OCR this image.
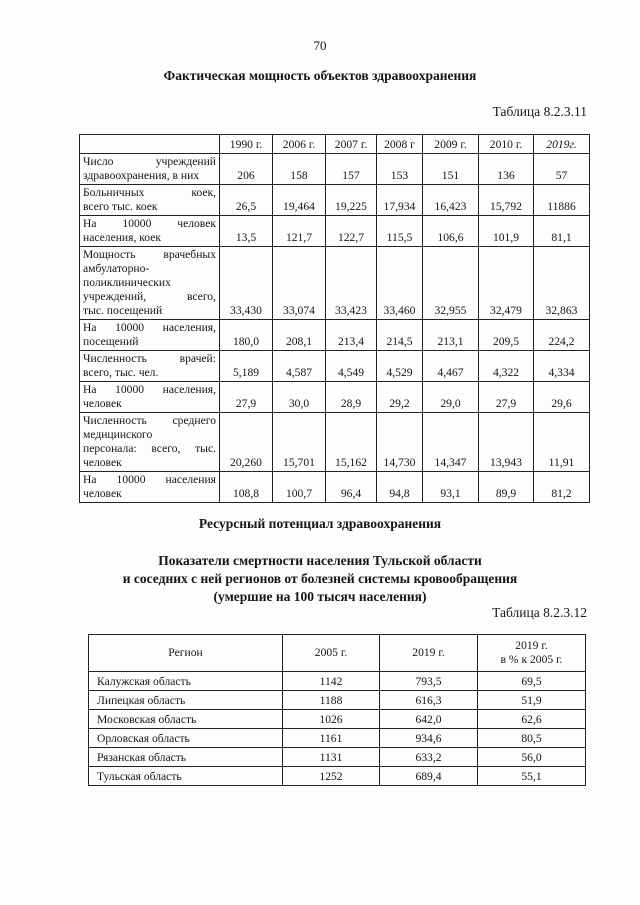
70
Фактическая мощность объектов здравоохранения
Таблица 8.2.3.11
	1990 г.	2006 г.	2007 г.	2008 г	2009 г.	2010 г.	2019г.

Число учреждений
здравоохранения, в них	206	158	157	153	151	136	57

Больничных коек,
всего тыс. коек	26,5	19,464	19,225	17,934	16,423	15,792	11886

На 10000 человек
населения, коек	13,5	121,7	122,7	115,5	106,6	101,9	81,1

Мощность врачебных
амбулаторно-
поликлинических
учреждений, всего,
тыс. посещений	33,430	33,074	33,423	33,460	32,955	32,479	32,863

На 10000 населения,
посещений	180,0	208,1	213,4	214,5	213,1	209,5	224,2

Численность врачей:
всего, тыс. чел.	5,189	4,587	4,549	4,529	4,467	4,322	4,334

На 10000 населения,
человек	27,9	30,0	28,9	29,2	29,0	27,9	29,6

Численность среднего
медицинского
персонала: всего, тыс.
человек	20,260	15,701	15,162	14,730	14,347	13,943	11,91

На 10000 населения
человек	108,8	100,7	96,4	94,8	93,1	89,9	81,2
Ресурсный потенциал здравоохранения
Показатели смертности населения Тульской области
и соседних с ней регионов от болезней системы кровообращения
(умершие на 100 тысяч населения)
Таблица 8.2.3.12
Регион	2005 г.	2019 г.	2019 г.
в % к 2005 г.

Калужская область	1142	793,5	69,5
Липецкая область	1188	616,3	51,9
Московская область	1026	642,0	62,6
Орловская область	1161	934,6	80,5
Рязанская область	1131	633,2	56,0
Тульская область	1252	689,4	55,1
